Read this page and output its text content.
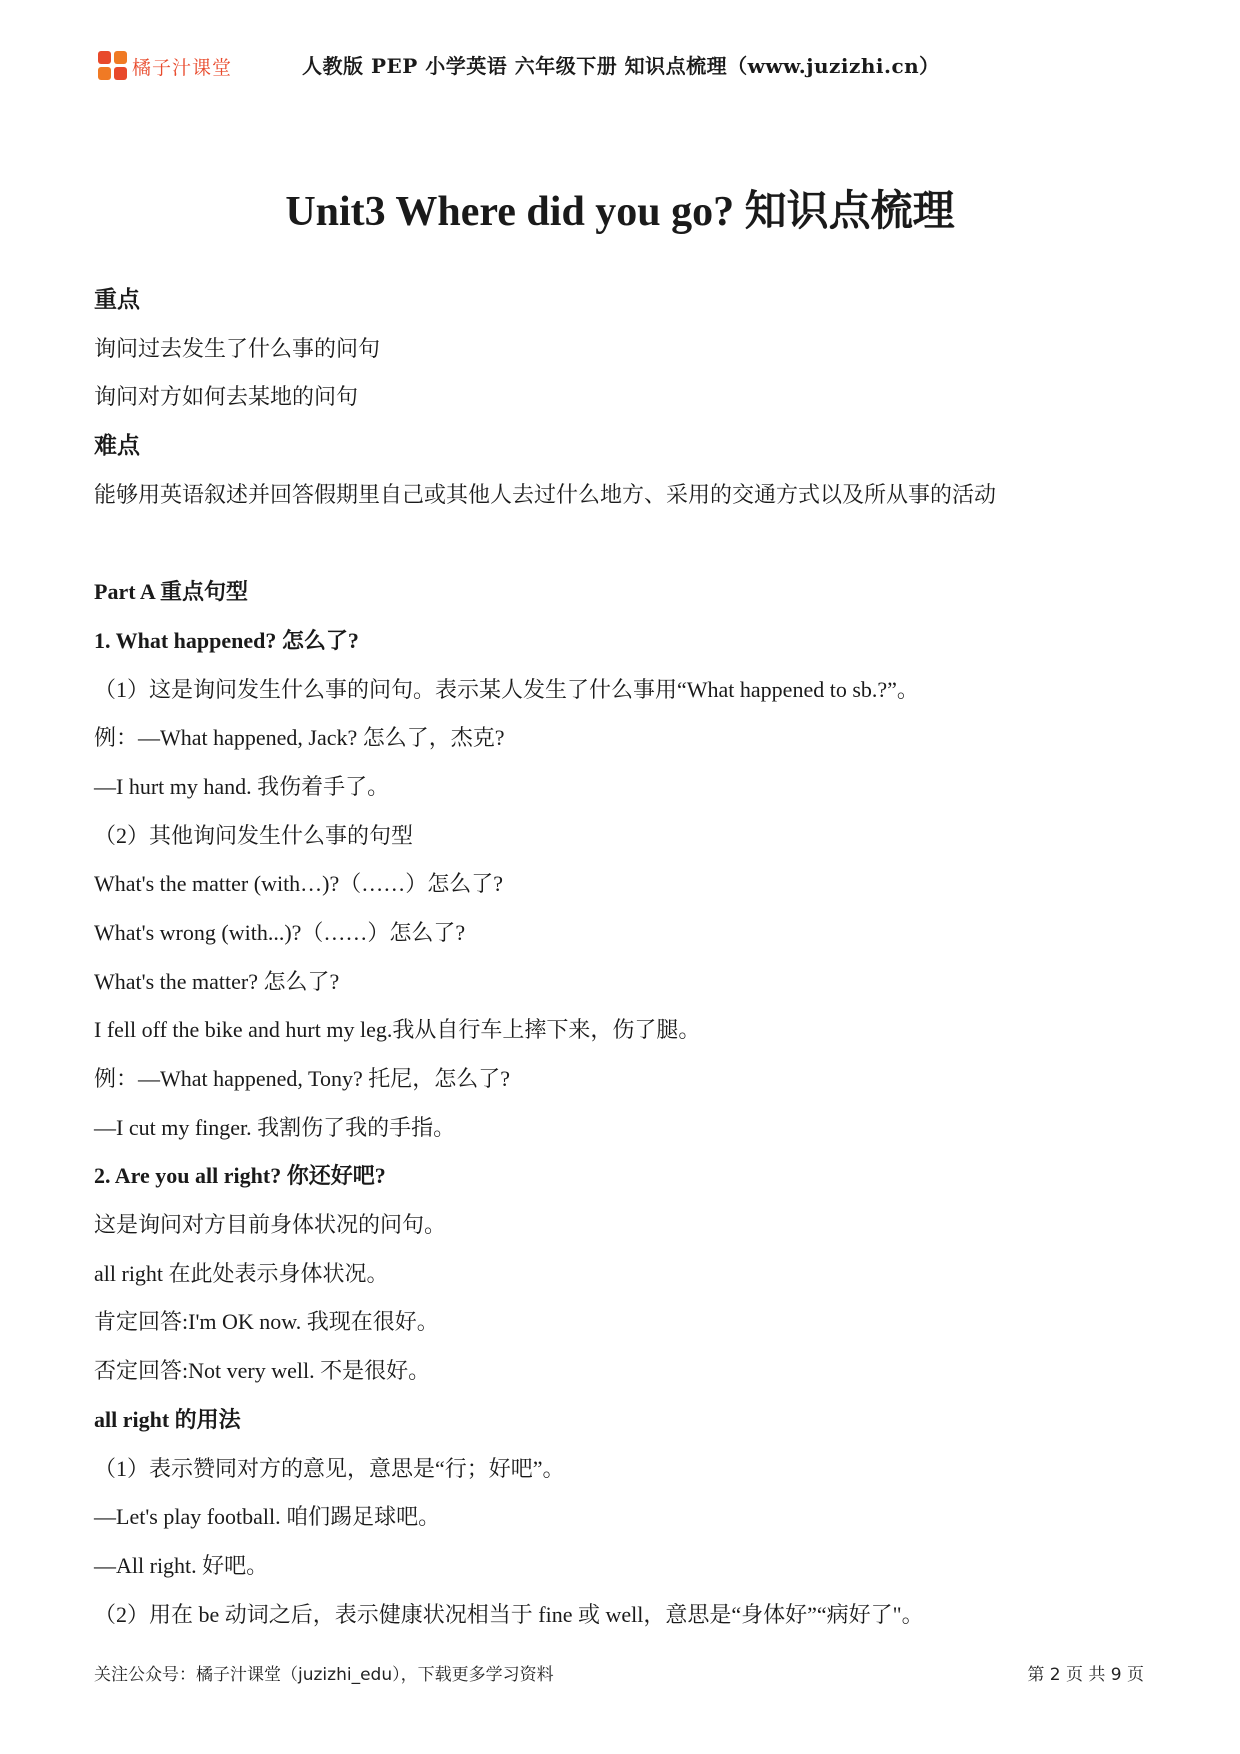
橘子汁课堂	人教版 PEP 小学英语 六年级下册 知识点梳理（www.juzizhi.cn）
Unit3 Where did you go? 知识点梳理
重点
询问过去发生了什么事的问句
询问对方如何去某地的问句
难点
能够用英语叙述并回答假期里自己或其他人去过什么地方、采用的交通方式以及所从事的活动
Part A 重点句型
1. What happened? 怎么了?
（1）这是询问发生什么事的问句。表示某人发生了什么事用“What happened to sb.?”。
例：—What happened, Jack? 怎么了，杰克?
—I hurt my hand. 我伤着手了。
（2）其他询问发生什么事的句型
What's the matter (with…)?（……）怎么了?
What's wrong (with...)?（……）怎么了?
What's the matter? 怎么了?
I fell off the bike and hurt my leg.我从自行车上摔下来，伤了腿。
例：—What happened, Tony? 托尼，怎么了?
—I cut my finger. 我割伤了我的手指。
2. Are you all right? 你还好吧?
这是询问对方目前身体状况的问句。
all right 在此处表示身体状况。
肯定回答:I'm OK now. 我现在很好。
否定回答:Not very well. 不是很好。
all right 的用法
（1）表示赞同对方的意见，意思是“行；好吧”。
—Let's play football. 咱们踢足球吧。
—All right. 好吧。
（2）用在 be 动词之后，表示健康状况相当于 fine 或 well，意思是“身体好”“病好了"。
关注公众号：橘子汁课堂（juzizhi_edu），下载更多学习资料	第 2 页 共 9 页
